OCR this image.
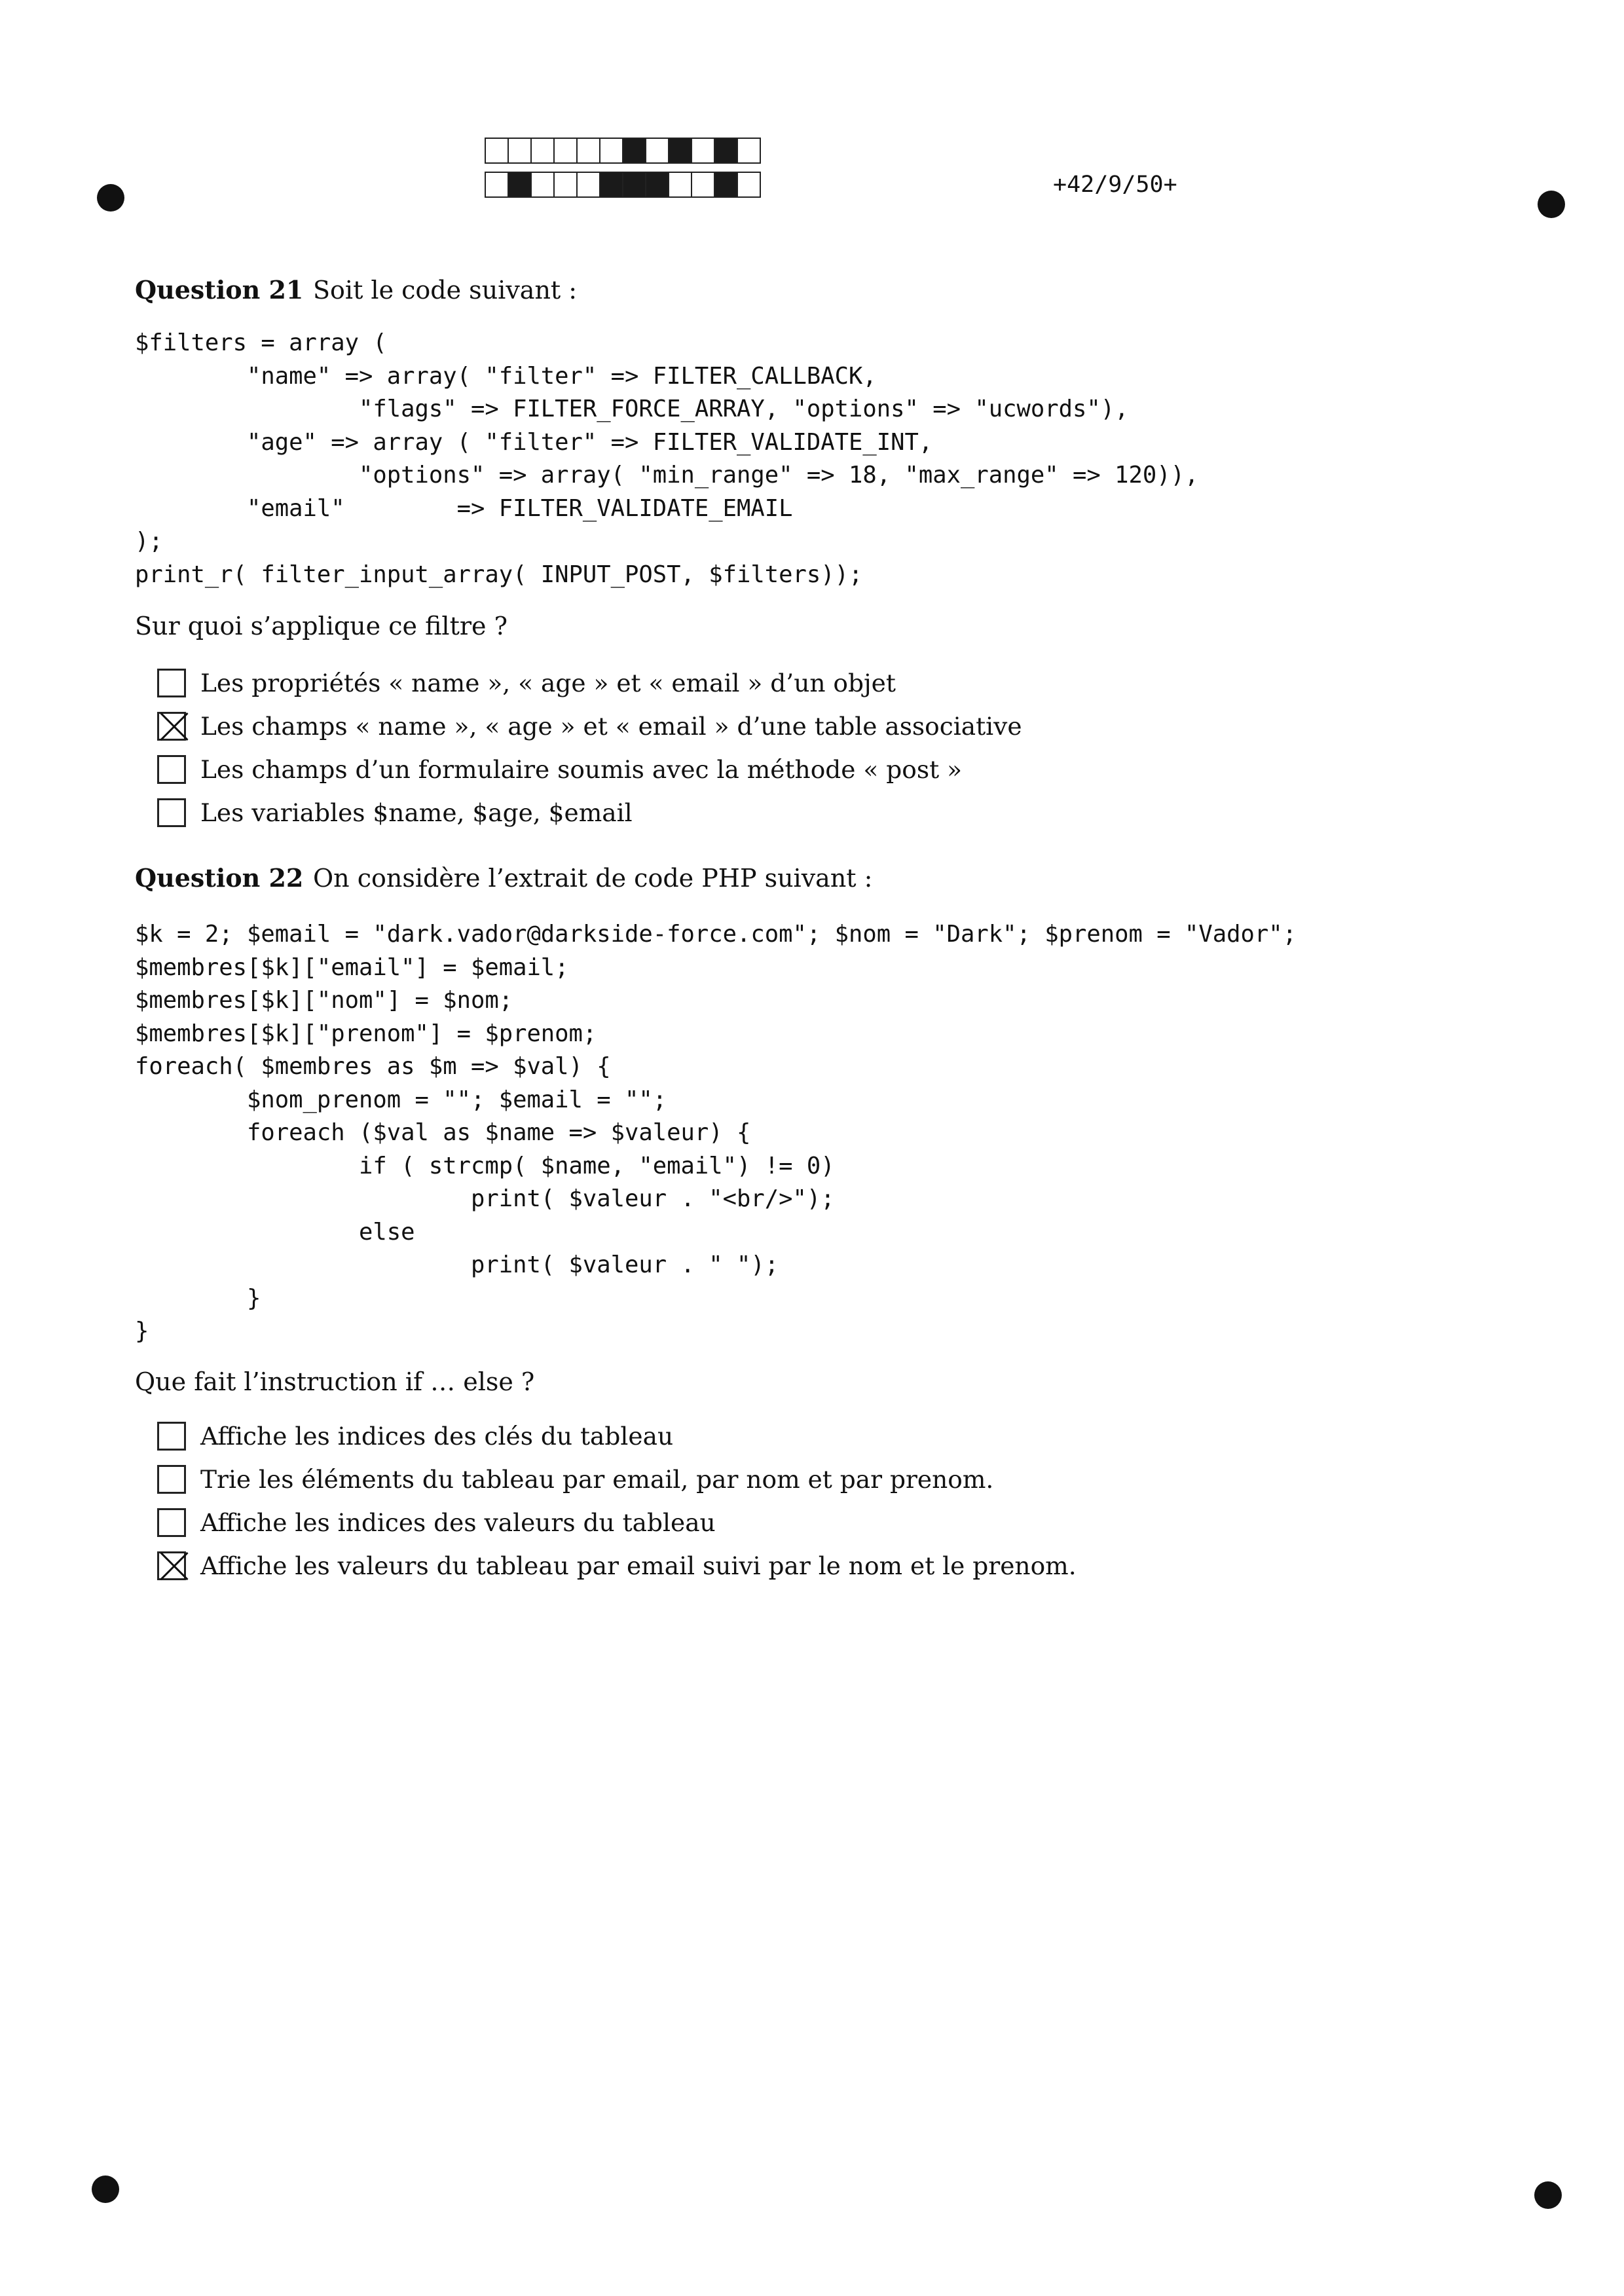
+42/9/50+
Question 21 Soit le code suivant :
$filters = array (
"name" => array( "filter" => FILTER_CALLBACK,
"flags" => FILTER_FORCE_ARRAY, "options" => "ucwords"),
"age" => array ( "filter" => FILTER_VALIDATE_INT,
"options" => array( "min_range" => 18, "max_range" => 120)),
"email"        => FILTER_VALIDATE_EMAIL
);
print_r( filter_input_array( INPUT_POST, $filters));
Sur quoi s’applique ce filtre ?
Les propriétés « name », « age » et « email » d’un objet
Les champs « name », « age » et « email » d’une table associative
Les champs d’un formulaire soumis avec la méthode « post »
Les variables $name, $age, $email
Question 22 On considère l’extrait de code PHP suivant :
$k = 2; $email = "dark.vador@darkside-force.com"; $nom = "Dark"; $prenom = "Vador";
$membres[$k]["email"] = $email;
$membres[$k]["nom"] = $nom;
$membres[$k]["prenom"] = $prenom;
foreach( $membres as $m => $val) {
$nom_prenom = ""; $email = "";
foreach ($val as $name => $valeur) {
if ( strcmp( $name, "email") != 0)
print( $valeur . "<br/>");
else
print( $valeur . " ");
}
}
Que fait l’instruction if … else ?
Affiche les indices des clés du tableau
Trie les éléments du tableau par email, par nom et par prenom.
Affiche les indices des valeurs du tableau
Affiche les valeurs du tableau par email suivi par le nom et le prenom.
